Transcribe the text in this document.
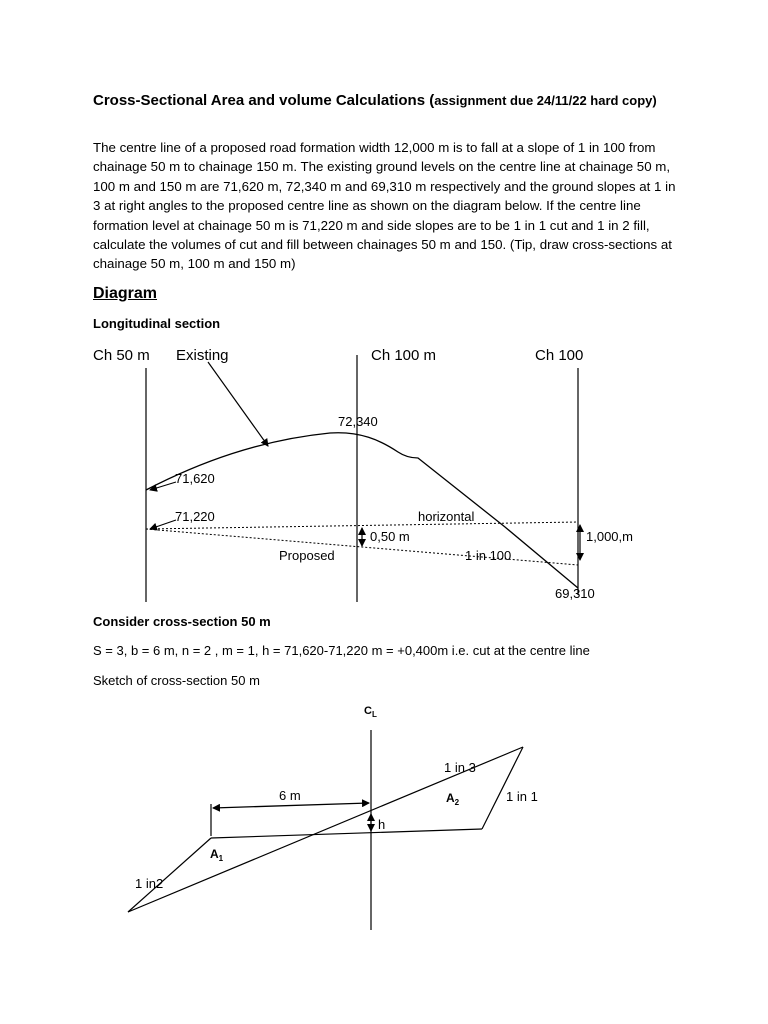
Cross-Sectional Area and volume Calculations (assignment due 24/11/22 hard copy)
The centre line of a proposed road formation width 12,000 m is to fall at a slope of 1 in 100 from chainage 50 m to chainage 150 m. The existing ground levels on the centre line at chainage 50 m, 100 m and 150 m are 71,620 m, 72,340 m and 69,310 m respectively and the ground slopes at 1 in 3 at right angles to the proposed centre line as shown on the diagram below. If the centre line formation level at chainage 50 m is 71,220 m and side slopes are to be 1 in 1 cut and 1 in 2 fill, calculate the volumes of cut and fill between chainages 50 m and 150. (Tip, draw cross-sections at chainage 50 m, 100 m and 150 m)
Diagram
Longitudinal section
Ch 50 m Existing	Ch 100 m	Ch 100
72,340
71,620
71,220	horizontal
0,50 m	1,000,m
Proposed	1 in 100
69,310
Consider cross-section 50 m
S = 3, b = 6 m, n = 2 , m = 1, h = 71,620-71,220 m = +0,400m i.e. cut at the centre line
Sketch of cross-section 50 m
$C_L$
1 in 3
6 m	$A_2$	1 in 1
h
$A_1$
1 in2
